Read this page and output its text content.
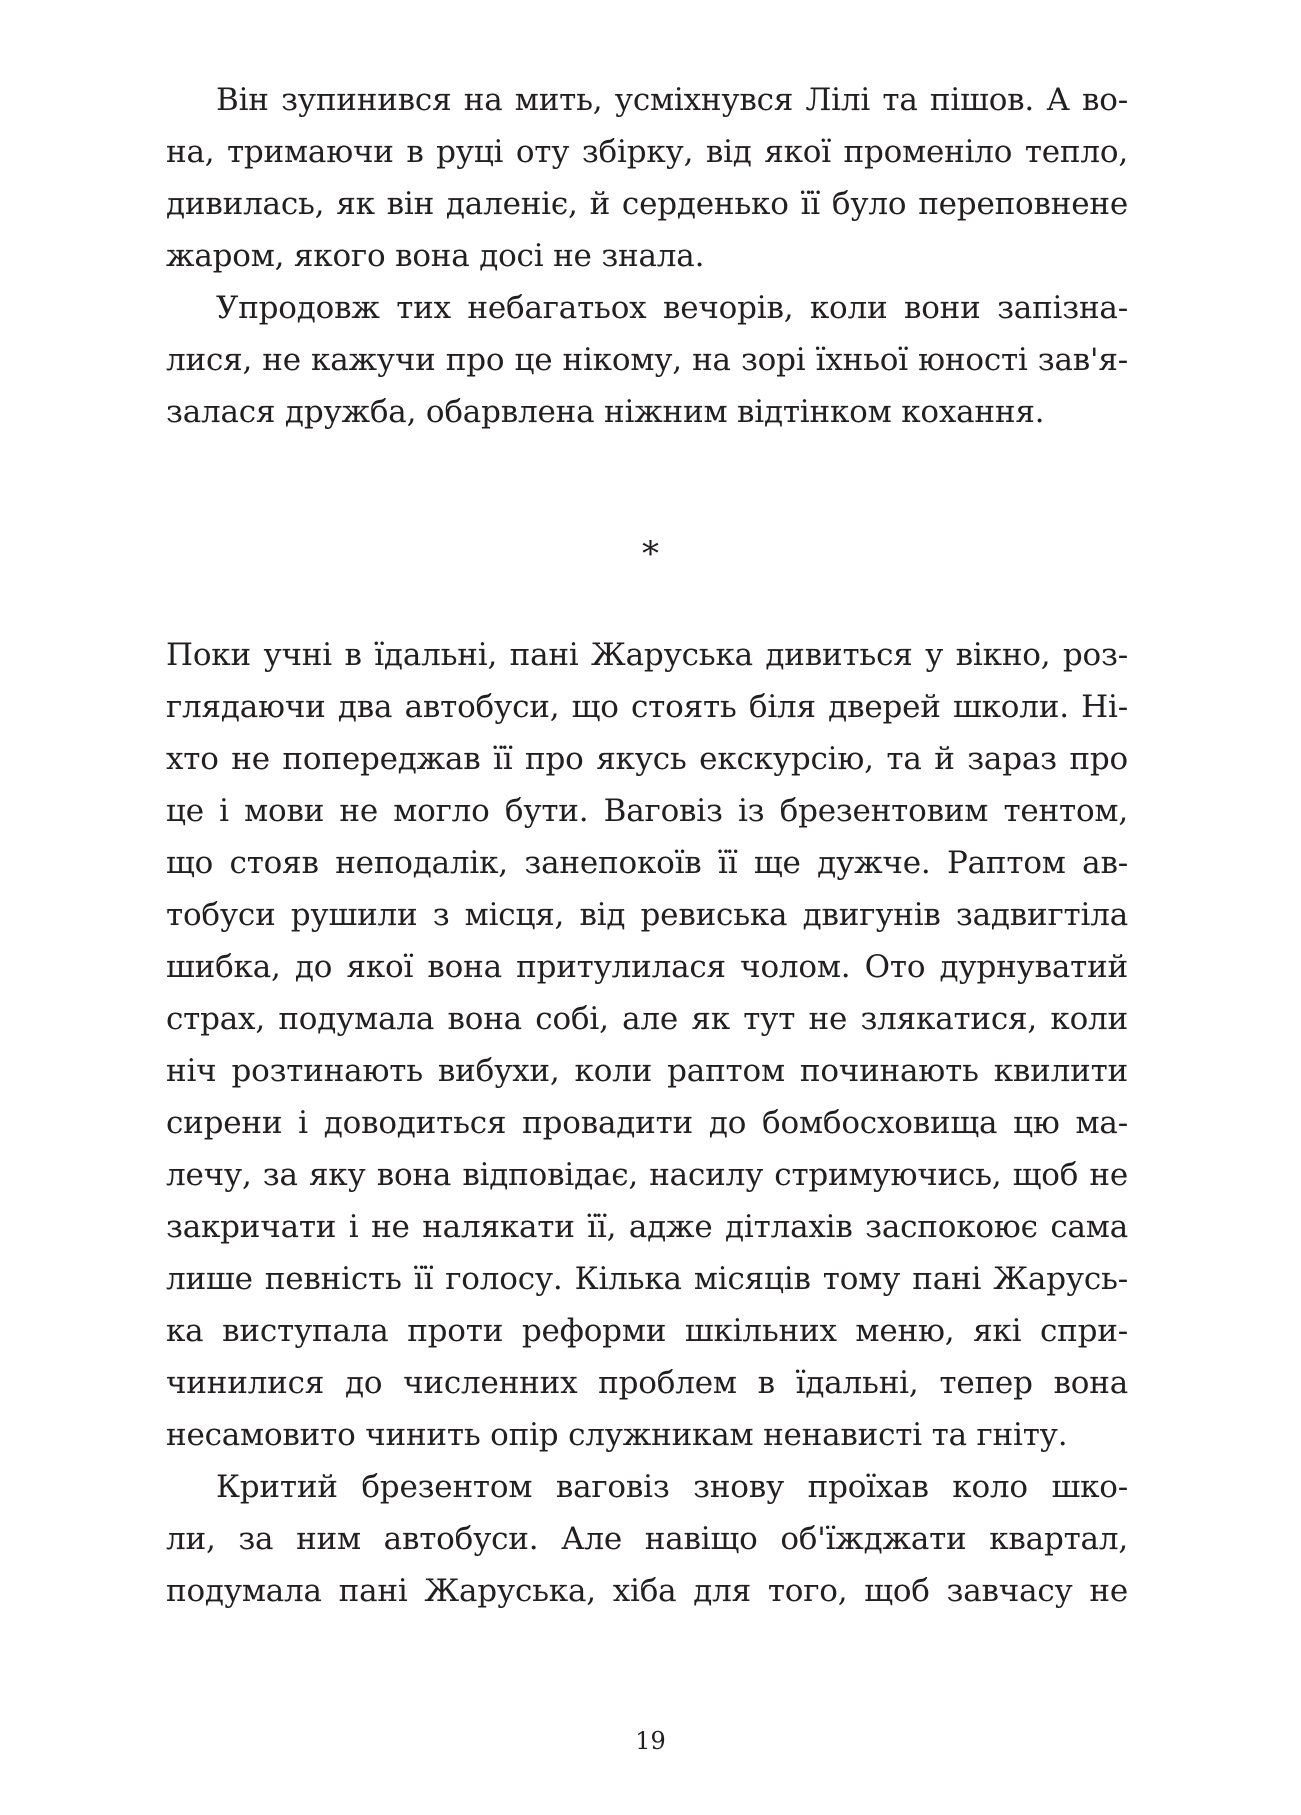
Він зупинився на мить, усміхнувся Лілі та пішов. А во-
на, тримаючи в руці оту збірку, від якої променіло тепло,
дивилась, як він даленіє, й серденько її було переповнене
жаром, якого вона досі не знала.
Упродовж тих небагатьох вечорів, коли вони запізна-
лися, не кажучи про це нікому, на зорі їхньої юності зав'я-
залася дружба, обарвлена ніжним відтінком кохання.
*
Поки учні в їдальні, пані Жаруська дивиться у вікно, роз-
глядаючи два автобуси, що стоять біля дверей школи. Ні-
хто не попереджав її про якусь екскурсію, та й зараз про
це і мови не могло бути. Ваговіз із брезентовим тентом,
що стояв неподалік, занепокоїв її ще дужче. Раптом ав-
тобуси рушили з місця, від ревиська двигунів задвигтіла
шибка, до якої вона притулилася чолом. Ото дурнуватий
страх, подумала вона собі, але як тут не злякатися, коли
ніч розтинають вибухи, коли раптом починають квилити
сирени і доводиться провадити до бомбосховища цю ма-
лечу, за яку вона відповідає, насилу стримуючись, щоб не
закричати і не налякати її, адже дітлахів заспокоює сама
лише певність її голосу. Кілька місяців тому пані Жарусь-
ка виступала проти реформи шкільних меню, які спри-
чинилися до численних проблем в їдальні, тепер вона
несамовито чинить опір служникам ненависті та гніту.
Критий брезентом ваговіз знову проїхав коло шко-
ли, за ним автобуси. Але навіщо об'їжджати квартал,
подумала пані Жаруська, хіба для того, щоб завчасу не
19
